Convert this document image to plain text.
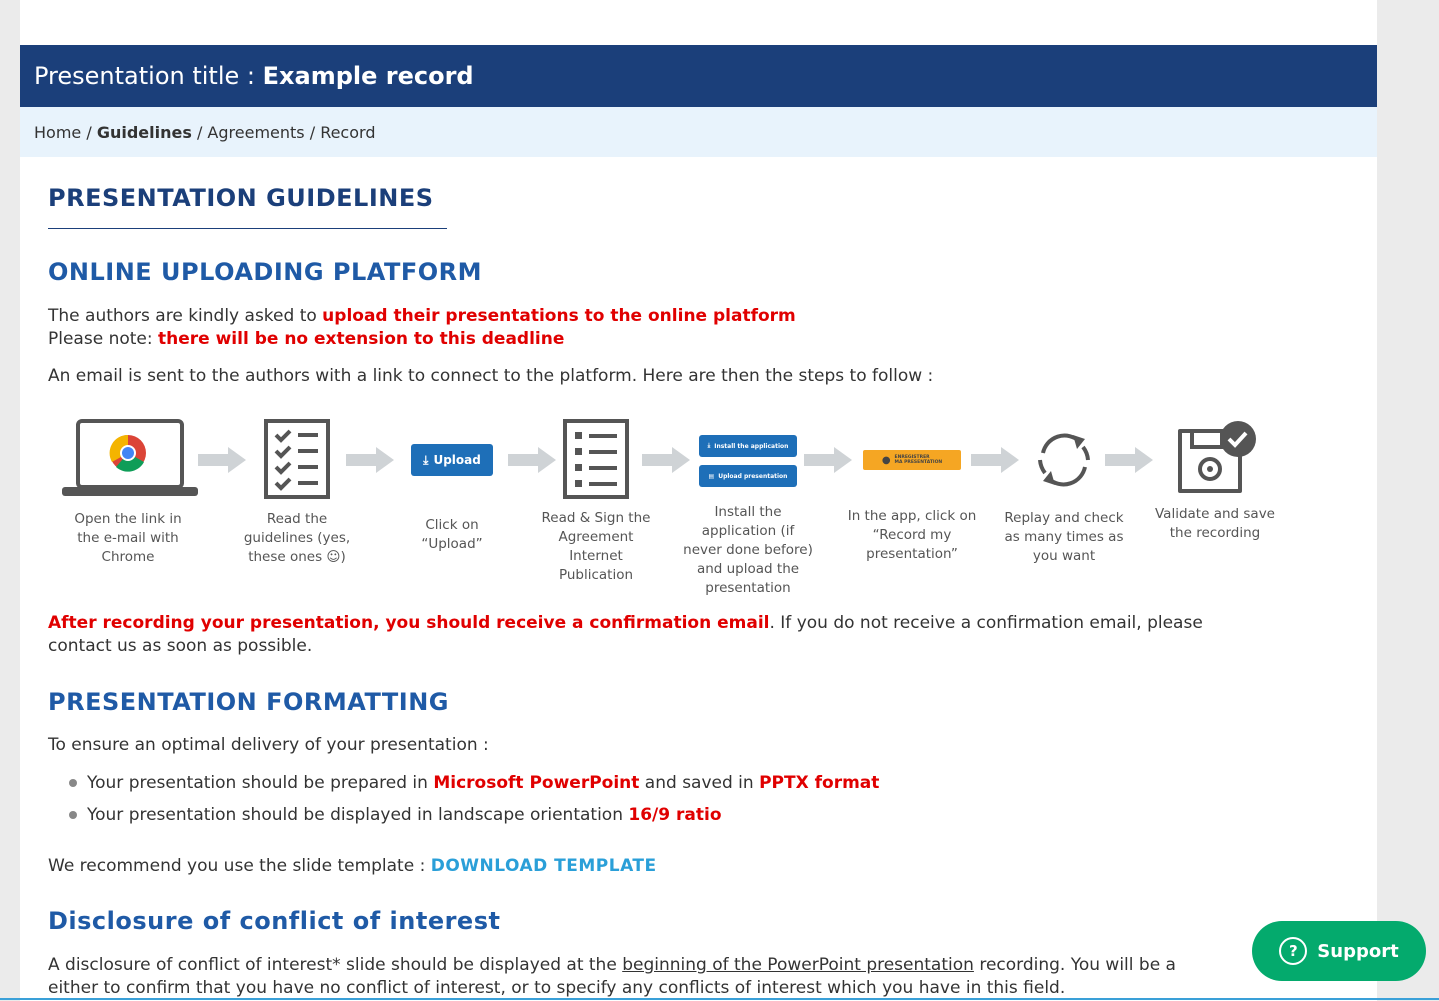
Presentation title : Example record
Home / Guidelines / Agreements / Record
PRESENTATION GUIDELINES
ONLINE UPLOADING PLATFORM
The authors are kindly asked to upload their presentations to the online platform
Please note: there will be no extension to this deadline
An email is sent to the authors with a link to connect to the platform. Here are then the steps to follow :
Open the link in
the e-mail with
Chrome
Read the
guidelines (yes,
these ones ☺)
⤓ Upload
Click on
“Upload”
Read & Sign the
Agreement
Internet
Publication
⤓ Install the application
▤ Upload presentation
Install the
application (if
never done before)
and upload the
presentation
● ENREGISTRER
MA PRESENTATION
In the app, click on
“Record my
presentation”
Replay and check
as many times as
you want
Validate and save
the recording
After recording your presentation, you should receive a confirmation email. If you do not receive a confirmation email, please
contact us as soon as possible.
PRESENTATION FORMATTING
To ensure an optimal delivery of your presentation :
Your presentation should be prepared in Microsoft PowerPoint and saved in PPTX format
Your presentation should be displayed in landscape orientation 16/9 ratio
We recommend you use the slide template : DOWNLOAD TEMPLATE
Disclosure of conflict of interest
A disclosure of conflict of interest* slide should be displayed at the beginning of the PowerPoint presentation recording. You will be a
either to confirm that you have no conflict of interest, or to specify any conflicts of interest which you have in this field.
?	Support
